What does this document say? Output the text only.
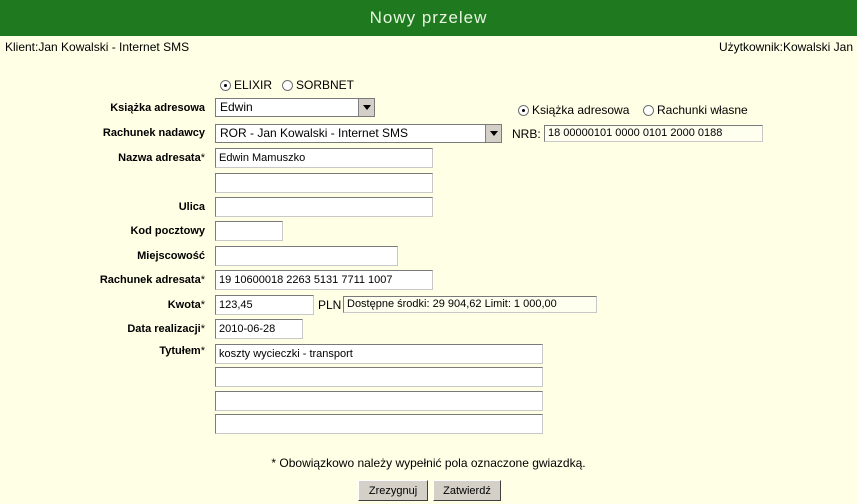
Nowy przelew
Klient:Jan Kowalski - Internet SMS	Użytkownik:Kowalski Jan
ELIXIR SORBNET
Książka adresowa	Edwin	Książka adresowa Rachunki własne
Rachunek nadawcy	ROR - Jan Kowalski - Internet SMS	NRB: 18 00000101 0000 0101 2000 0188
Nazwa adresata*	Edwin Mamuszko
Ulica
Kod pocztowy
Miejscowość
Rachunek adresata*	19 10600018 2263 5131 7711 1007
Kwota*	123,45	PLN Dostępne środki: 29 904,62 Limit: 1 000,00
Data realizacji*	2010-06-28
Tytułem*	koszty wycieczki - transport
* Obowiązkowo należy wypełnić pola oznaczone gwiazdką.
Zrezygnuj	Zatwierdź
